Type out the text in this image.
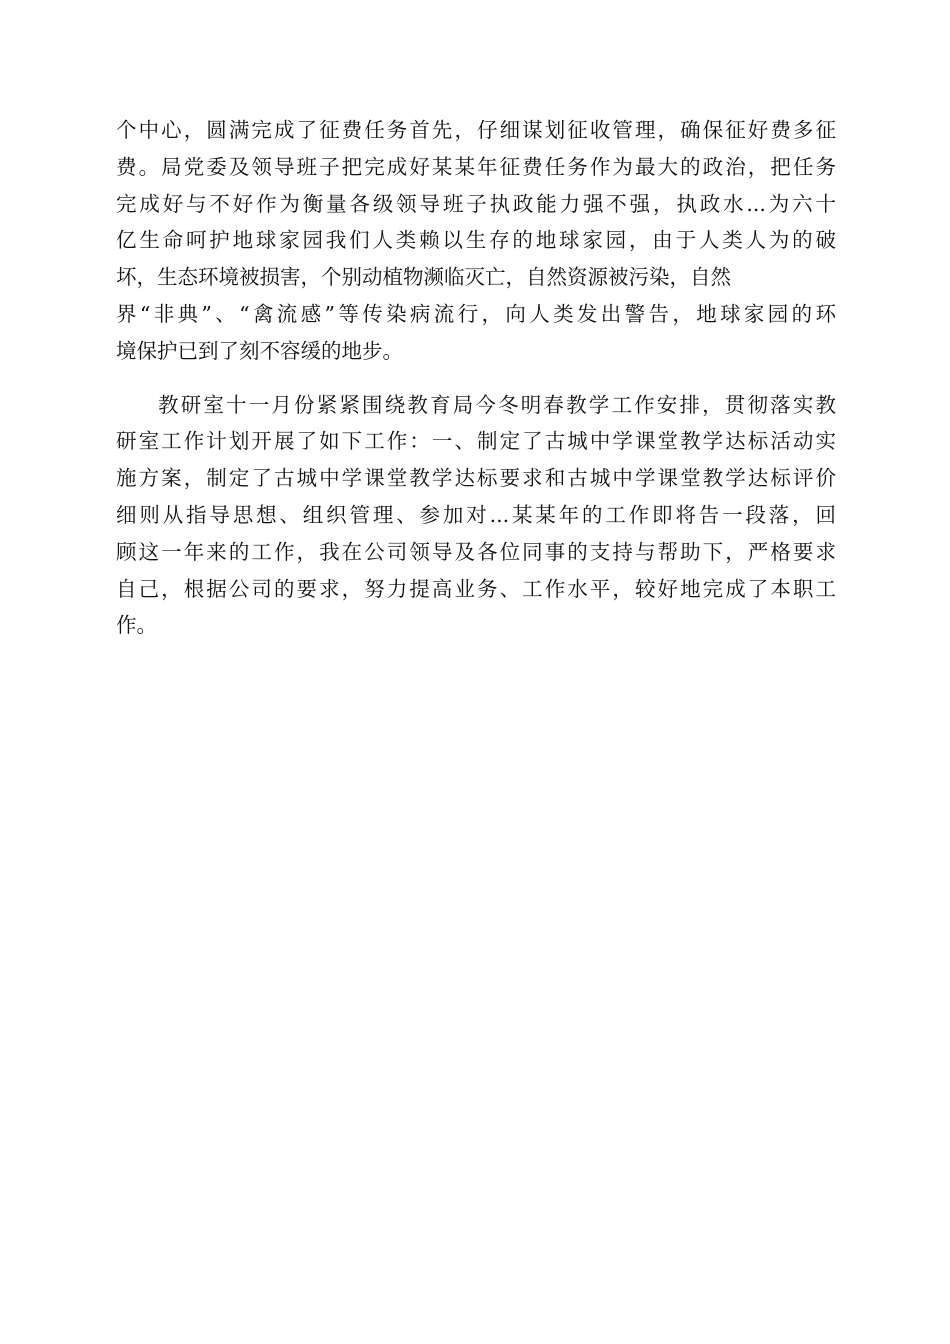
个中心，圆满完成了征费任务首先，仔细谋划征收管理，确保征好费多征
费。局党委及领导班子把完成好某某年征费任务作为最大的政治，把任务
完成好与不好作为衡量各级领导班子执政能力强不强，执政水...为六十
亿生命呵护地球家园我们人类赖以生存的地球家园，由于人类人为的破
坏，生态环境被损害，个别动植物濒临灭亡，自然资源被污染，自然
界“非典”、“禽流感”等传染病流行，向人类发出警告，地球家园的环
境保护已到了刻不容缓的地步。
教研室十一月份紧紧围绕教育局今冬明春教学工作安排，贯彻落实教
研室工作计划开展了如下工作：一、制定了古城中学课堂教学达标活动实
施方案，制定了古城中学课堂教学达标要求和古城中学课堂教学达标评价
细则从指导思想、组织管理、参加对...某某年的工作即将告一段落，回
顾这一年来的工作，我在公司领导及各位同事的支持与帮助下，严格要求
自己，根据公司的要求，努力提高业务、工作水平，较好地完成了本职工
作。
